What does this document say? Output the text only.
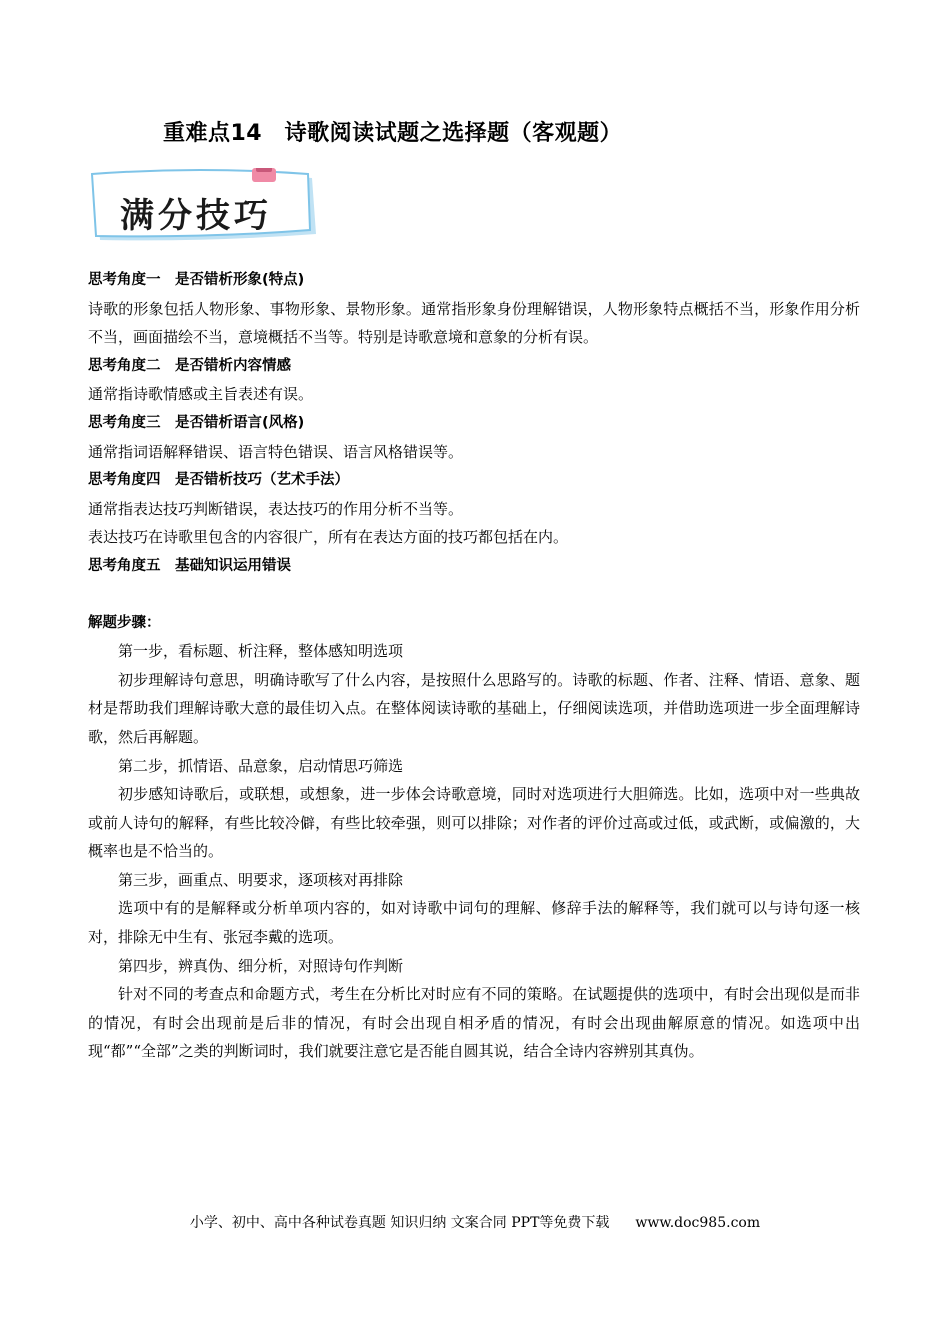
重难点14　诗歌阅读试题之选择题（客观题）
满分技巧
思考角度一　是否错析形象(特点)
诗歌的形象包括人物形象、事物形象、景物形象。通常指形象身份理解错误，人物形象特点概括不当，形象作用分析不当，画面描绘不当，意境概括不当等。特别是诗歌意境和意象的分析有误。
思考角度二　是否错析内容情感
通常指诗歌情感或主旨表述有误。
思考角度三　是否错析语言(风格)
通常指词语解释错误、语言特色错误、语言风格错误等。
思考角度四　是否错析技巧（艺术手法）
通常指表达技巧判断错误，表达技巧的作用分析不当等。
表达技巧在诗歌里包含的内容很广，所有在表达方面的技巧都包括在内。
思考角度五　基础知识运用错误
解题步骤：
第一步，看标题、析注释，整体感知明选项
初步理解诗句意思，明确诗歌写了什么内容，是按照什么思路写的。诗歌的标题、作者、注释、情语、意象、题材是帮助我们理解诗歌大意的最佳切入点。在整体阅读诗歌的基础上，仔细阅读选项，并借助选项进一步全面理解诗歌，然后再解题。
第二步，抓情语、品意象，启动情思巧筛选
初步感知诗歌后，或联想，或想象，进一步体会诗歌意境，同时对选项进行大胆筛选。比如，选项中对一些典故或前人诗句的解释，有些比较冷僻，有些比较牵强，则可以排除；对作者的评价过高或过低，或武断，或偏激的，大概率也是不恰当的。
第三步，画重点、明要求，逐项核对再排除
选项中有的是解释或分析单项内容的，如对诗歌中词句的理解、修辞手法的解释等，我们就可以与诗句逐一核对，排除无中生有、张冠李戴的选项。
第四步，辨真伪、细分析，对照诗句作判断
针对不同的考查点和命题方式，考生在分析比对时应有不同的策略。在试题提供的选项中，有时会出现似是而非的情况，有时会出现前是后非的情况，有时会出现自相矛盾的情况，有时会出现曲解原意的情况。如选项中出现“都”“全部”之类的判断词时，我们就要注意它是否能自圆其说，结合全诗内容辨别其真伪。
小学、初中、高中各种试卷真题 知识归纳 文案合同 PPT等免费下载 www.doc985.com
